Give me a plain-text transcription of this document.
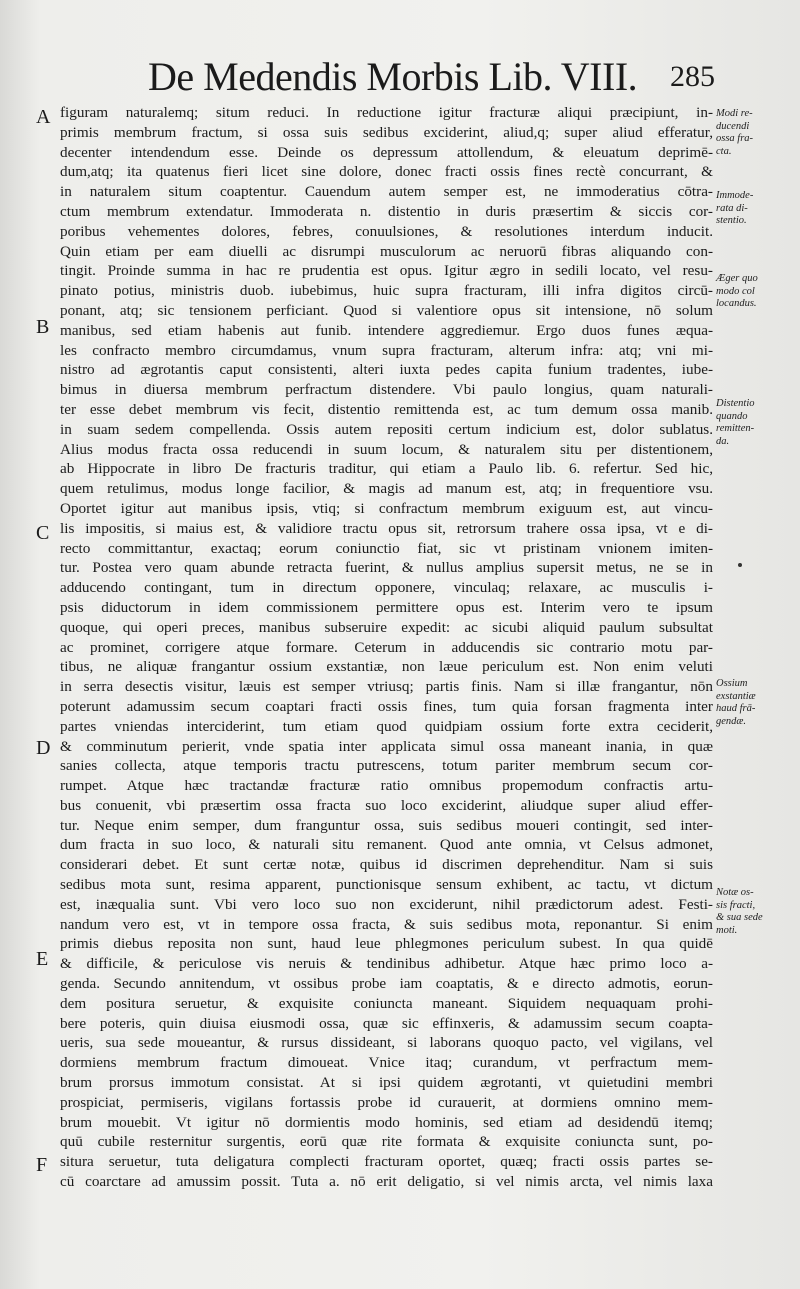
De Medendis Morbis Lib. VIII. 285
A
B
C
D
E
F
figuram naturalemq; situm reduci. In reductione igitur fracturæ aliqui præcipiunt, in-
primis membrum fractum, si ossa suis sedibus exciderint, aliud,q; super aliud efferatur,
decenter intendendum esse. Deinde os depressum attollendum, & eleuatum deprimē-
dum,atq; ita quatenus fieri licet sine dolore, donec fracti ossis fines rectè concurrant, &
in naturalem situm coaptentur. Cauendum autem semper est, ne immoderatius cōtra-
ctum membrum extendatur. Immoderata n. distentio in duris præsertim & siccis cor-
poribus vehementes dolores, febres, conuulsiones, & resolutiones interdum inducit.
Quin etiam per eam diuelli ac disrumpi musculorum ac neruorū fibras aliquando con-
tingit. Proinde summa in hac re prudentia est opus. Igitur ægro in sedili locato, vel resu-
pinato potius, ministris duob. iubebimus, huic supra fracturam, illi infra digitos circū-
ponant, atq; sic tensionem perficiant. Quod si valentiore opus sit intensione, nō solum
manibus, sed etiam habenis aut funib. intendere aggrediemur. Ergo duos funes æqua-
les confracto membro circumdamus, vnum supra fracturam, alterum infra: atq; vni mi-
nistro ad ægrotantis caput consistenti, alteri iuxta pedes capita funium tradentes, iube-
bimus in diuersa membrum perfractum distendere. Vbi paulo longius, quam naturali-
ter esse debet membrum vis fecit, distentio remittenda est, ac tum demum ossa manib.
in suam sedem compellenda. Ossis autem repositi certum indicium est, dolor sublatus.
Alius modus fracta ossa reducendi in suum locum, & naturalem situ per distentionem,
ab Hippocrate in libro De fracturis traditur, qui etiam a Paulo lib. 6. refertur. Sed hic,
quem retulimus, modus longe facilior, & magis ad manum est, atq; in frequentiore vsu.
Oportet igitur aut manibus ipsis, vtiq; si confractum membrum exiguum est, aut vincu-
lis impositis, si maius est, & validiore tractu opus sit, retrorsum trahere ossa ipsa, vt e di-
recto committantur, exactaq; eorum coniunctio fiat, sic vt pristinam vnionem imiten-
tur. Postea vero quam abunde retracta fuerint, & nullus amplius supersit metus, ne se in
adducendo contingant, tum in directum opponere, vinculaq; relaxare, ac musculis i-
psis diductorum in idem commissionem permittere opus est. Interim vero te ipsum
quoque, qui operi preces, manibus subseruire expedit: ac sicubi aliquid paulum subsultat
ac prominet, corrigere atque formare. Ceterum in adducendis sic contrario motu par-
tibus, ne aliquæ frangantur ossium exstantiæ, non læue periculum est. Non enim veluti
in serra desectis visitur, læuis est semper vtriusq; partis finis. Nam si illæ frangantur, nōn
poterunt adamussim secum coaptari fracti ossis fines, tum quia forsan fragmenta inter
partes vniendas interciderint, tum etiam quod quidpiam ossium forte extra ceciderit,
& comminutum perierit, vnde spatia inter applicata simul ossa maneant inania, in quæ
sanies collecta, atque temporis tractu putrescens, totum pariter membrum secum cor-
rumpet. Atque hæc tractandæ fracturæ ratio omnibus propemodum confractis artu-
bus conuenit, vbi præsertim ossa fracta suo loco exciderint, aliudque super aliud effer-
tur. Neque enim semper, dum franguntur ossa, suis sedibus moueri contingit, sed inter-
dum fracta in suo loco, & naturali situ remanent. Quod ante omnia, vt Celsus admonet,
considerari debet. Et sunt certæ notæ, quibus id discrimen deprehenditur. Nam si suis
sedibus mota sunt, resima apparent, punctionisque sensum exhibent, ac tactu, vt dictum
est, inæqualia sunt. Vbi vero loco suo non exciderunt, nihil prædictorum adest. Festi-
nandum vero est, vt in tempore ossa fracta, & suis sedibus mota, reponantur. Si enim
primis diebus reposita non sunt, haud leue phlegmones periculum subest. In qua quidē
& difficile, & periculose vis neruis & tendinibus adhibetur. Atque hæc primo loco a-
genda. Secundo annitendum, vt ossibus probe iam coaptatis, & e directo admotis, eorun-
dem positura seruetur, & exquisite coniuncta maneant. Siquidem nequaquam prohi-
bere poteris, quin diuisa eiusmodi ossa, quæ sic effinxeris, & adamussim secum coapta-
ueris, sua sede moueantur, & rursus dissideant, si laborans quoquo pacto, vel vigilans, vel
dormiens membrum fractum dimoueat. Vnice itaq; curandum, vt perfractum mem-
brum prorsus immotum consistat. At si ipsi quidem ægrotanti, vt quietudini membri
prospiciat, permiseris, vigilans fortassis probe id curauerit, at dormiens omnino mem-
brum mouebit. Vt igitur nō dormientis modo hominis, sed etiam ad desidendū itemq;
quū cubile resternitur surgentis, eorū quæ rite formata & exquisite coniuncta sunt, po-
situra seruetur, tuta deligatura complecti fracturam oportet, quæq; fracti ossis partes se-
cū coarctare ad amussim possit. Tuta a. nō erit deligatio, si vel nimis arcta, vel nimis laxa
Modi re-
ducendi
ossa fra-
cta.
Immode-
rata di-
stentio.
Æger quo
modo col
locandus.
Distentio
quando
remitten-
da.
Ossium
exstantiæ
haud frā-
gendæ.
Notæ os-
sis fracti,
& sua sede
moti.
